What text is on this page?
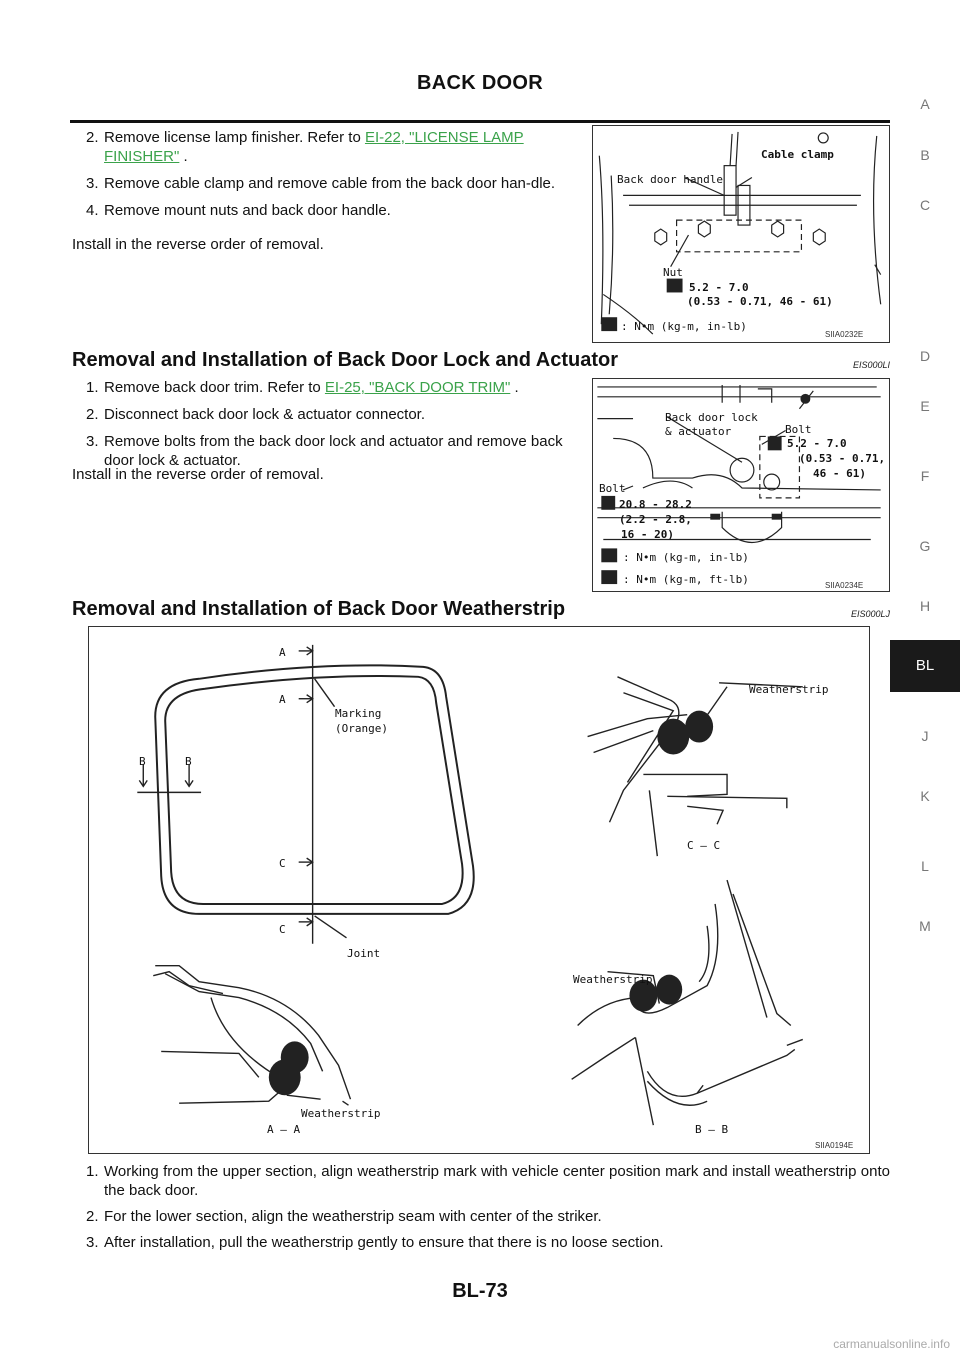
BACK DOOR
A
B
C
D
E
F
G
H
BL
J
K
L
M
2. Remove license lamp finisher. Refer to EI-22, "LICENSE LAMP FINISHER" .
3. Remove cable clamp and remove cable from the back door han-dle.
4. Remove mount nuts and back door handle.
Install in the reverse order of removal.
Cable clamp
Back door handle
Nut
5.2 - 7.0
(0.53 - 0.71, 46 - 61)
: N•m (kg-m, in-lb)
SIIA0232E
Removal and Installation of Back Door Lock and Actuator	EIS000LI
1. Remove back door trim. Refer to EI-25, "BACK DOOR TRIM" .
2. Disconnect back door lock & actuator connector.
3. Remove bolts from the back door lock and actuator and remove back door lock & actuator.
Install in the reverse order of removal.
Back door lock
& actuator	Bolt
5.2 - 7.0
(0.53 - 0.71,
46 - 61)
Bolt
20.8 - 28.2
(2.2 - 2.8,
16 - 20)
: N•m (kg-m, in-lb)
: N•m (kg-m, ft-lb)	SIIA0234E
Removal and Installation of Back Door Weatherstrip	EIS000LJ
A
A
Marking
(Orange)
B	B
C
C
Joint
Weatherstrip
C – C
Weatherstrip
Weatherstrip
A – A	B – B
SIIA0194E
1. Working from the upper section, align weatherstrip mark with vehicle center position mark and install weatherstrip onto the back door.
2. For the lower section, align the weatherstrip seam with center of the striker.
3. After installation, pull the weatherstrip gently to ensure that there is no loose section.
BL-73
carmanualsonline.info
